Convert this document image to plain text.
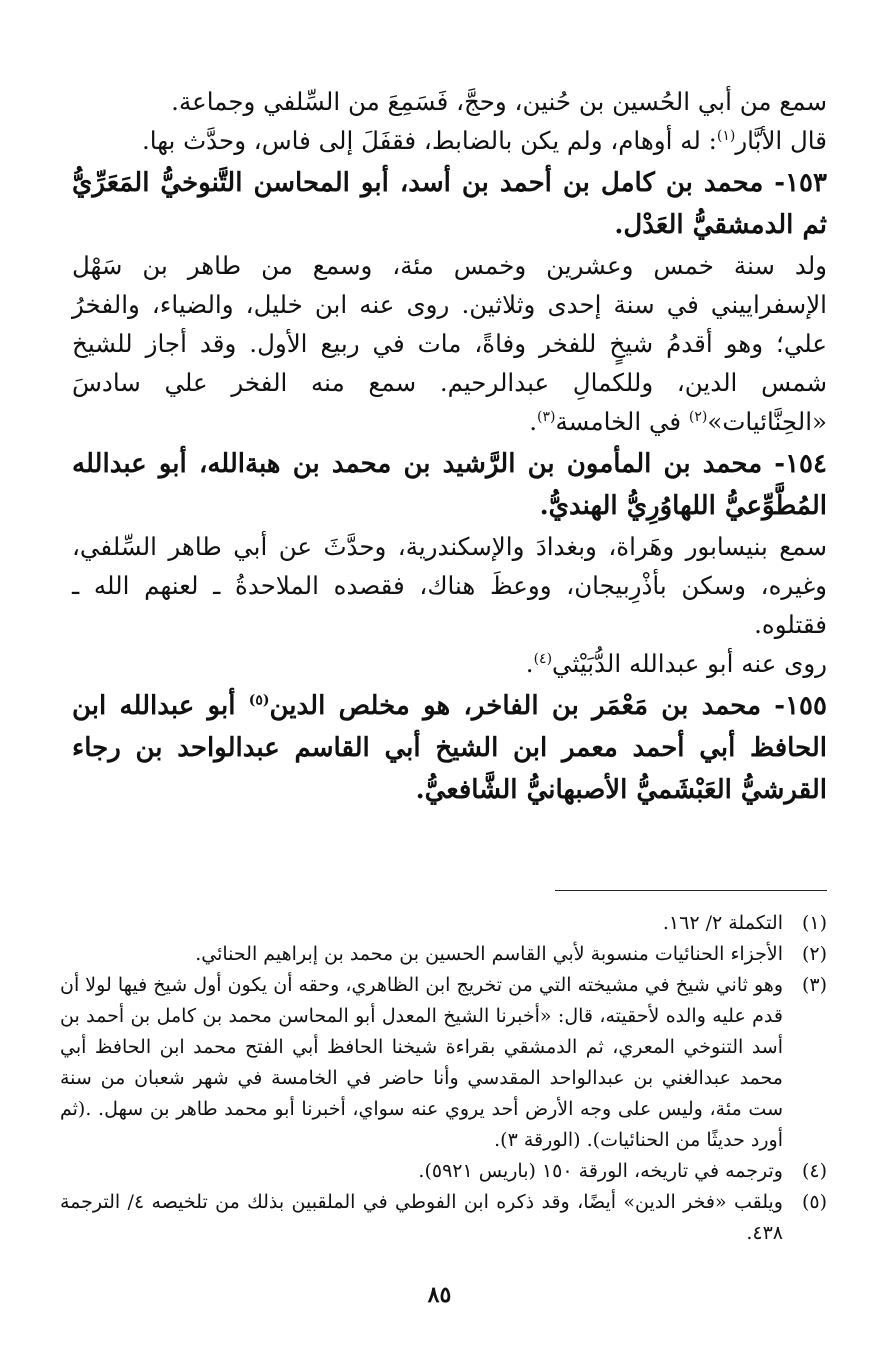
سمع من أبي الحُسين بن حُنين، وحجَّ، فَسَمِعَ من السِّلفي وجماعة.

قال الأبَّار$^{(١)}$: له أوهام، ولم يكن بالضابط، فقفَلَ إلى فاس، وحدَّث بها.

١٥٣- محمد بن كامل بن أحمد بن أسد، أبو المحاسن التَّنوخيُّ المَعَرِّيُّ ثم الدمشقيُّ العَدْل.

ولد سنة خمس وعشرين وخمس مئة، وسمع من طاهر بن سَهْل الإسفراييني في سنة إحدى وثلاثين. روى عنه ابن خليل، والضياء، والفخرُ علي؛ وهو أقدمُ شيخٍ للفخر وفاةً، مات في ربيع الأول. وقد أجاز للشيخ شمس الدين، وللكمالِ عبدالرحيم. سمع منه الفخر علي سادسَ «الحِنَّائيات»$^{(٢)}$ في الخامسة$^{(٣)}$.

١٥٤- محمد بن المأمون بن الرَّشيد بن محمد بن هبةالله، أبو عبدالله المُطَّوِّعيُّ اللهاوُرِيُّ الهنديُّ.

سمع بنيسابور وهَراة، وبغدادَ والإسكندرية، وحدَّثَ عن أبي طاهر السِّلفي، وغيره، وسكن بأذْرِبيجان، ووعظَ هناك، فقصده الملاحدةُ ـ لعنهم الله ـ فقتلوه.

روى عنه أبو عبدالله الدُّبَيْثي$^{(٤)}$.

١٥٥- محمد بن مَعْمَر بن الفاخر، هو مخلص الدين$^{(٥)}$ أبو عبدالله ابن الحافظ أبي أحمد معمر ابن الشيخ أبي القاسم عبدالواحد بن رجاء القرشيُّ العَبْشَميُّ الأصبهانيُّ الشَّافعيُّ.

(١)
التكملة ٢/ ١٦٢.
(٢)
الأجزاء الحنائيات منسوبة لأبي القاسم الحسين بن محمد بن إبراهيم الحنائي.
(٣)
وهو ثاني شيخ في مشيخته التي من تخريج ابن الظاهري، وحقه أن يكون أول شيخ فيها لولا أن قدم عليه والده لأحقيته، قال: «أخبرنا الشيخ المعدل أبو المحاسن محمد بن كامل بن أحمد بن أسد التنوخي المعري، ثم الدمشقي بقراءة شيخنا الحافظ أبي الفتح محمد ابن الحافظ أبي محمد عبدالغني بن عبدالواحد المقدسي وأنا حاضر في الخامسة في شهر شعبان من سنة ست مئة، وليس على وجه الأرض أحد يروي عنه سواي، أخبرنا أبو محمد طاهر بن سهل. .(ثم أورد حديثًا من الحنائيات). (الورقة ٣).
(٤)
وترجمه في تاريخه، الورقة ١٥٠ (باريس ٥٩٢١).
(٥)
ويلقب «فخر الدين» أيضًا، وقد ذكره ابن الفوطي في الملقبين بذلك من تلخيصه ٤/ الترجمة ٤٣٨.
٨٥
